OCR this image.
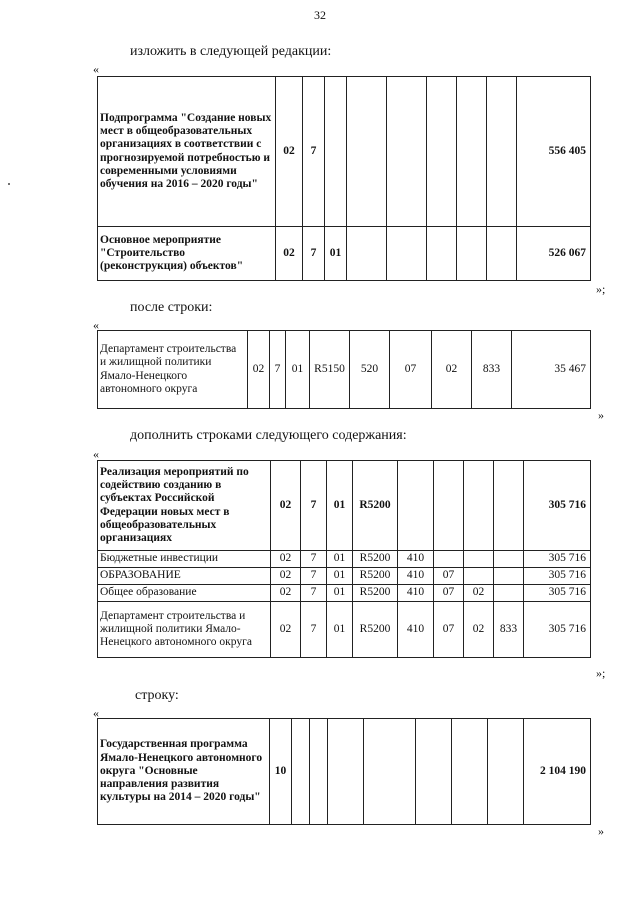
32
изложить в следующей редакции:
«
Подпрограмма "Создание новых мест в общеобразовательных организациях в соответствии с прогнозируемой потребностью и современными условиями обучения на 2016 – 2020 годы"	02	7							556 405
Основное мероприятие "Строительство (реконструкция) объектов"	02	7	01						526 067
»;
после строки:
«
Департамент строительства и жилищной политики Ямало-Ненецкого автономного округа	02	7	01	R5150	520	07	02	833	35 467
»
дополнить строками следующего содержания:
«
Реализация мероприятий по содействию созданию в субъектах Российской Федерации новых мест в общеобразовательных организациях	02	7	01	R5200					305 716
Бюджетные инвестиции	02	7	01	R5200	410				305 716
ОБРАЗОВАНИЕ	02	7	01	R5200	410	07			305 716
Общее образование	02	7	01	R5200	410	07	02		305 716
Департамент строительства и жилищной политики Ямало-Ненецкого автономного округа	02	7	01	R5200	410	07	02	833	305 716
»;
строку:
«
Государственная программа Ямало-Ненецкого автономного округа "Основные направления развития культуры на 2014 – 2020 годы"	10								2 104 190
»
